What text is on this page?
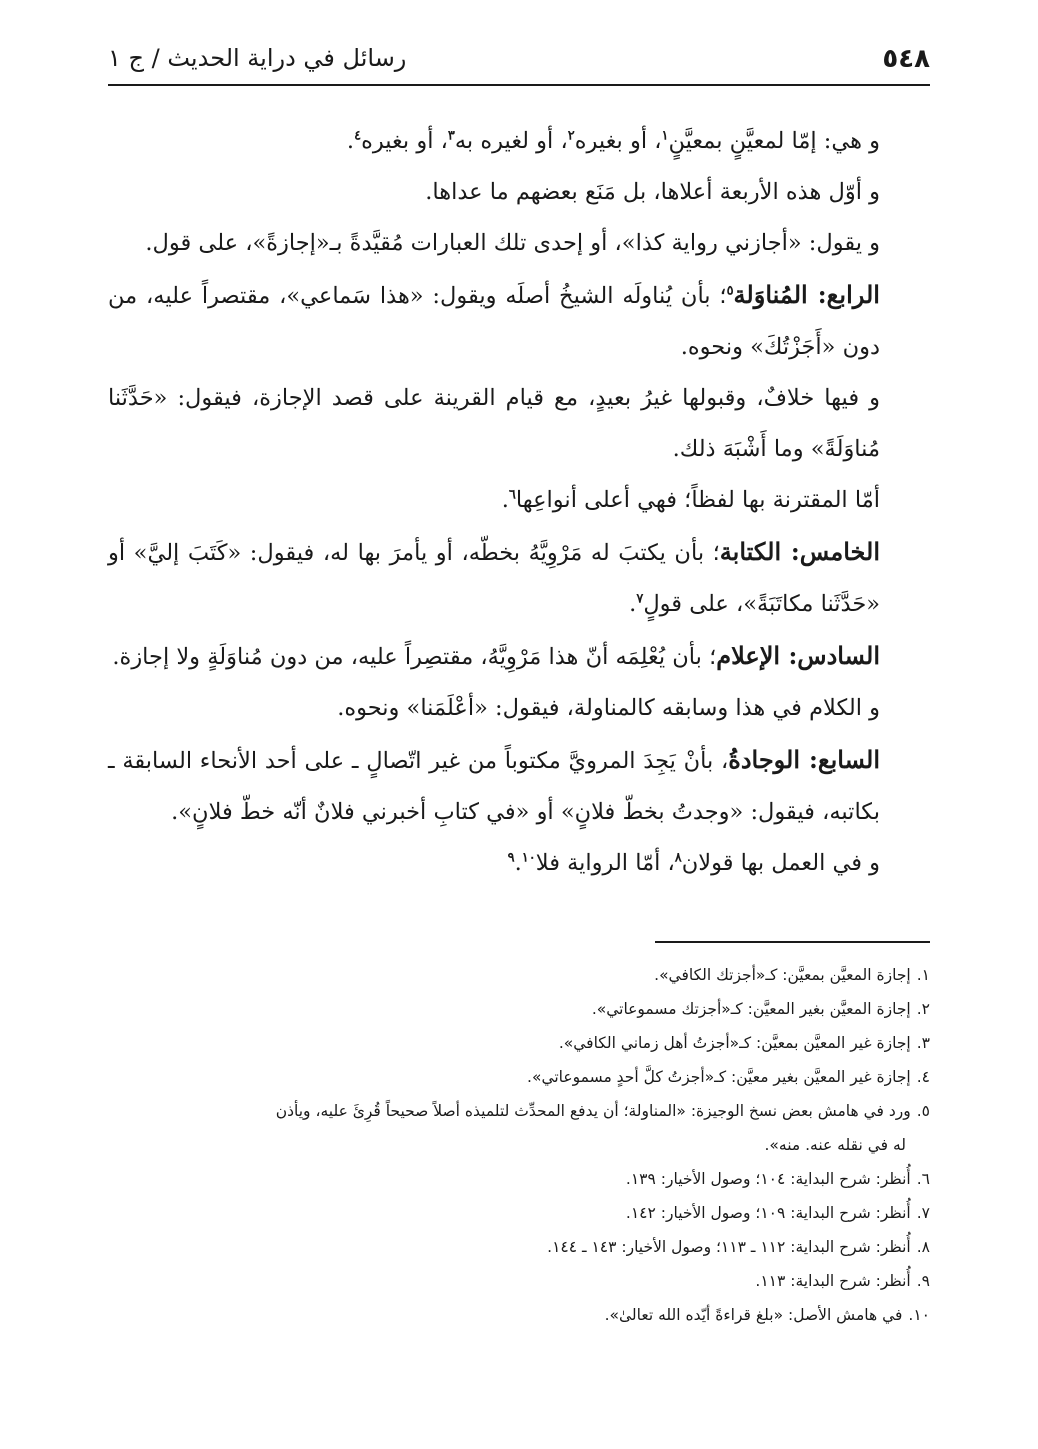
٥٤٨
رسائل في دراية الحديث / ج ١

و هي: إمّا لمعيَّنٍ بمعيَّنٍ$^١$، أو بغيره$^٢$، أو لغيره به$^٣$، أو بغيره$^٤$.

و أوّل هذه الأربعة أعلاها، بل مَنَع بعضهم ما عداها.

و يقول: «أجازني رواية كذا»، أو إحدى تلك العبارات مُقيَّدةً بـ«إجازةً»، على قول.

الرابع: المُناوَلة$^٥$؛ بأن يُناولَه الشيخُ أصلَه ويقول: «هذا سَماعي»، مقتصراً عليه، من دون «أَجَزْتُكَ» ونحوه.

و فيها خلافٌ، وقبولها غيرُ بعيدٍ، مع قيام القرينة على قصد الإجازة، فيقول: «حَدَّثَنا مُناوَلَةً» وما أَشْبَهَ ذلك.

أمّا المقترنة بها لفظاً؛ فهي أعلى أنواعِها$^٦$.

الخامس: الكتابة؛ بأن يكتبَ له مَرْوِيَّهُ بخطّه، أو يأمرَ بها له، فيقول: «كَتَبَ إليَّ» أو «حَدَّثَنا مكاتَبَةً»، على قولٍ$^٧$.

السادس: الإعلام؛ بأن يُعْلِمَه أنّ هذا مَرْوِيَّهُ، مقتصِراً عليه، من دون مُناوَلَةٍ ولا إجازة.

و الكلام في هذا وسابقه كالمناولة، فيقول: «أعْلَمَنا» ونحوه.

السابع: الوجادةُ، بأنْ يَجِدَ المرويَّ مكتوباً من غير اتّصالٍ ـ على أحد الأنحاء السابقة ـ بكاتبه، فيقول: «وجدتُ بخطّ فلانٍ» أو «في كتابِ أخبرني فلانٌ أنّه خطّ فلانٍ».

و في العمل بها قولان$^٨$، أمّا الرواية فلا$^٩$.$^{١٠}$

١.إجازة المعيَّن بمعيَّن: كـ«أجزتك الكافي».

٢.إجازة المعيَّن بغير المعيَّن: كـ«أجزتك مسموعاتي».

٣.إجازة غير المعيَّن بمعيَّن: كـ«أجزتُ أهل زماني الكافي».

٤.إجازة غير المعيَّن بغير معيَّن: كـ«أجزتُ كلَّ أحدٍ مسموعاتي».

٥.ورد في هامش بعض نسخ الوجيزة: «المناولة؛ أن يدفع المحدِّث لتلميذه أصلاً صحيحاً قُرِئَ عليه، ويأذن

له في نقله عنه. منه».

٦.أُنظر: شرح البداية: ١٠٤؛ وصول الأخيار: ١٣٩.

٧.أُنظر: شرح البداية: ١٠٩؛ وصول الأخيار: ١٤٢.

٨.أُنظر: شرح البداية: ١١٢ ـ ١١٣؛ وصول الأخيار: ١٤٣ ـ ١٤٤.

٩.أُنظر: شرح البداية: ١١٣.

١٠.في هامش الأصل: «بلغ قراءةً أيّده الله تعالىٰ».
